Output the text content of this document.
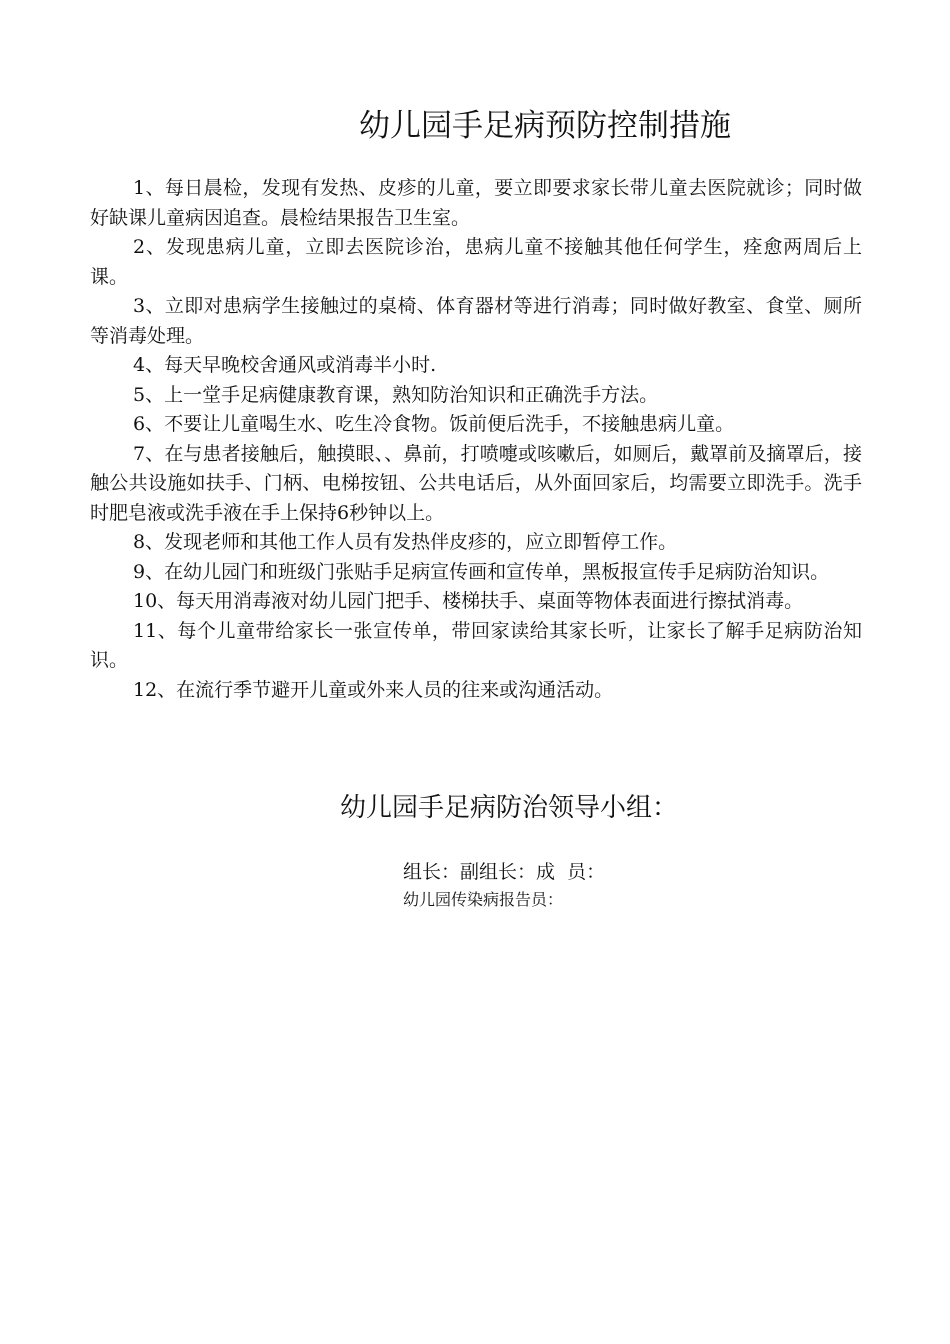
幼儿园手足病预防控制措施

1、每日晨检，发现有发热、皮疹的儿童，要立即要求家长带儿童去医院就诊；同时做好缺课儿童病因追查。晨检结果报告卫生室。

2、发现患病儿童，立即去医院诊治，患病儿童不接触其他任何学生，痊愈两周后上课。

3、立即对患病学生接触过的桌椅、体育器材等进行消毒；同时做好教室、食堂、厕所等消毒处理。

4、每天早晚校舍通风或消毒半小时.

5、上一堂手足病健康教育课，熟知防治知识和正确洗手方法。

6、不要让儿童喝生水、吃生冷食物。饭前便后洗手，不接触患病儿童。

7、在与患者接触后，触摸眼、、鼻前，打喷嚏或咳嗽后，如厕后，戴罩前及摘罩后，接触公共设施如扶手、门柄、电梯按钮、公共电话后，从外面回家后，均需要立即洗手。洗手时肥皂液或洗手液在手上保持6秒钟以上。

8、发现老师和其他工作人员有发热伴皮疹的，应立即暂停工作。

9、在幼儿园门和班级门张贴手足病宣传画和宣传单，黑板报宣传手足病防治知识。

10、每天用消毒液对幼儿园门把手、楼梯扶手、桌面等物体表面进行擦拭消毒。

11、每个儿童带给家长一张宣传单，带回家读给其家长听，让家长了解手足病防治知识。

12、在流行季节避开儿童或外来人员的往来或沟通活动。

幼儿园手足病防治领导小组：
组长：副组长：成  员：
幼儿园传染病报告员：
